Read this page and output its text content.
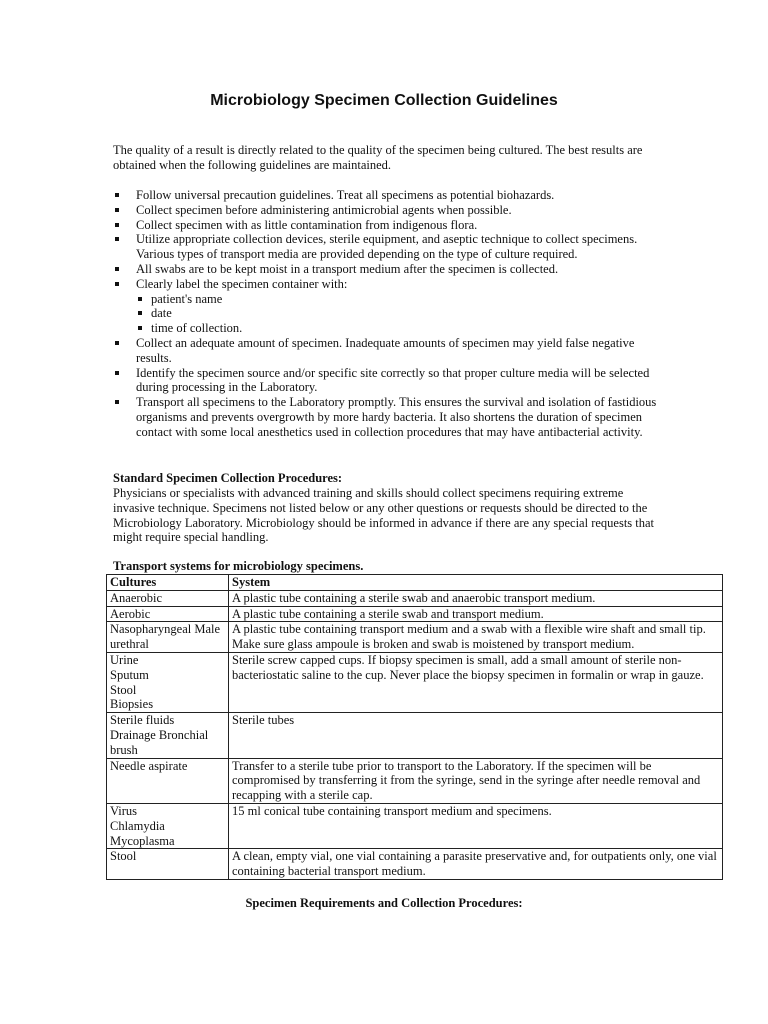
Microbiology Specimen Collection Guidelines
The quality of a result is directly related to the quality of the specimen being cultured. The best results are obtained when the following guidelines are maintained.
Follow universal precaution guidelines. Treat all specimens as potential biohazards.
Collect specimen before administering antimicrobial agents when possible.
Collect specimen with as little contamination from indigenous flora.
Utilize appropriate collection devices, sterile equipment, and aseptic technique to collect specimens. Various types of transport media are provided depending on the type of culture required.
All swabs are to be kept moist in a transport medium after the specimen is collected.
Clearly label the specimen container with:
patient's name
date
time of collection.
Collect an adequate amount of specimen. Inadequate amounts of specimen may yield false negative results.
Identify the specimen source and/or specific site correctly so that proper culture media will be selected during processing in the Laboratory.
Transport all specimens to the Laboratory promptly. This ensures the survival and isolation of fastidious organisms and prevents overgrowth by more hardy bacteria. It also shortens the duration of specimen contact with some local anesthetics used in collection procedures that may have antibacterial activity.
Standard Specimen Collection Procedures:
Physicians or specialists with advanced training and skills should collect specimens requiring extreme invasive technique. Specimens not listed below or any other questions or requests should be directed to the Microbiology Laboratory. Microbiology should be informed in advance if there are any special requests that might require special handling.
Transport systems for microbiology specimens.
Cultures	System
Anaerobic	A plastic tube containing a sterile swab and anaerobic transport medium.
Aerobic	A plastic tube containing a sterile swab and transport medium.
Nasopharyngeal Male
urethral	A plastic tube containing transport medium and a swab with a flexible wire shaft and small tip. Make sure glass ampoule is broken and swab is moistened by transport medium.
Urine
Sputum
Stool
Biopsies	Sterile screw capped cups. If biopsy specimen is small, add a small amount of sterile non-bacteriostatic saline to the cup. Never place the biopsy specimen in formalin or wrap in gauze.
Sterile fluids
Drainage Bronchial
brush	Sterile tubes
Needle aspirate	Transfer to a sterile tube prior to transport to the Laboratory. If the specimen will be compromised by transferring it from the syringe, send in the syringe after needle removal and recapping with a sterile cap.
Virus
Chlamydia
Mycoplasma	15 ml conical tube containing transport medium and specimens.
Stool	A clean, empty vial, one vial containing a parasite preservative and, for outpatients only, one vial containing bacterial transport medium.
Specimen Requirements and Collection Procedures:
